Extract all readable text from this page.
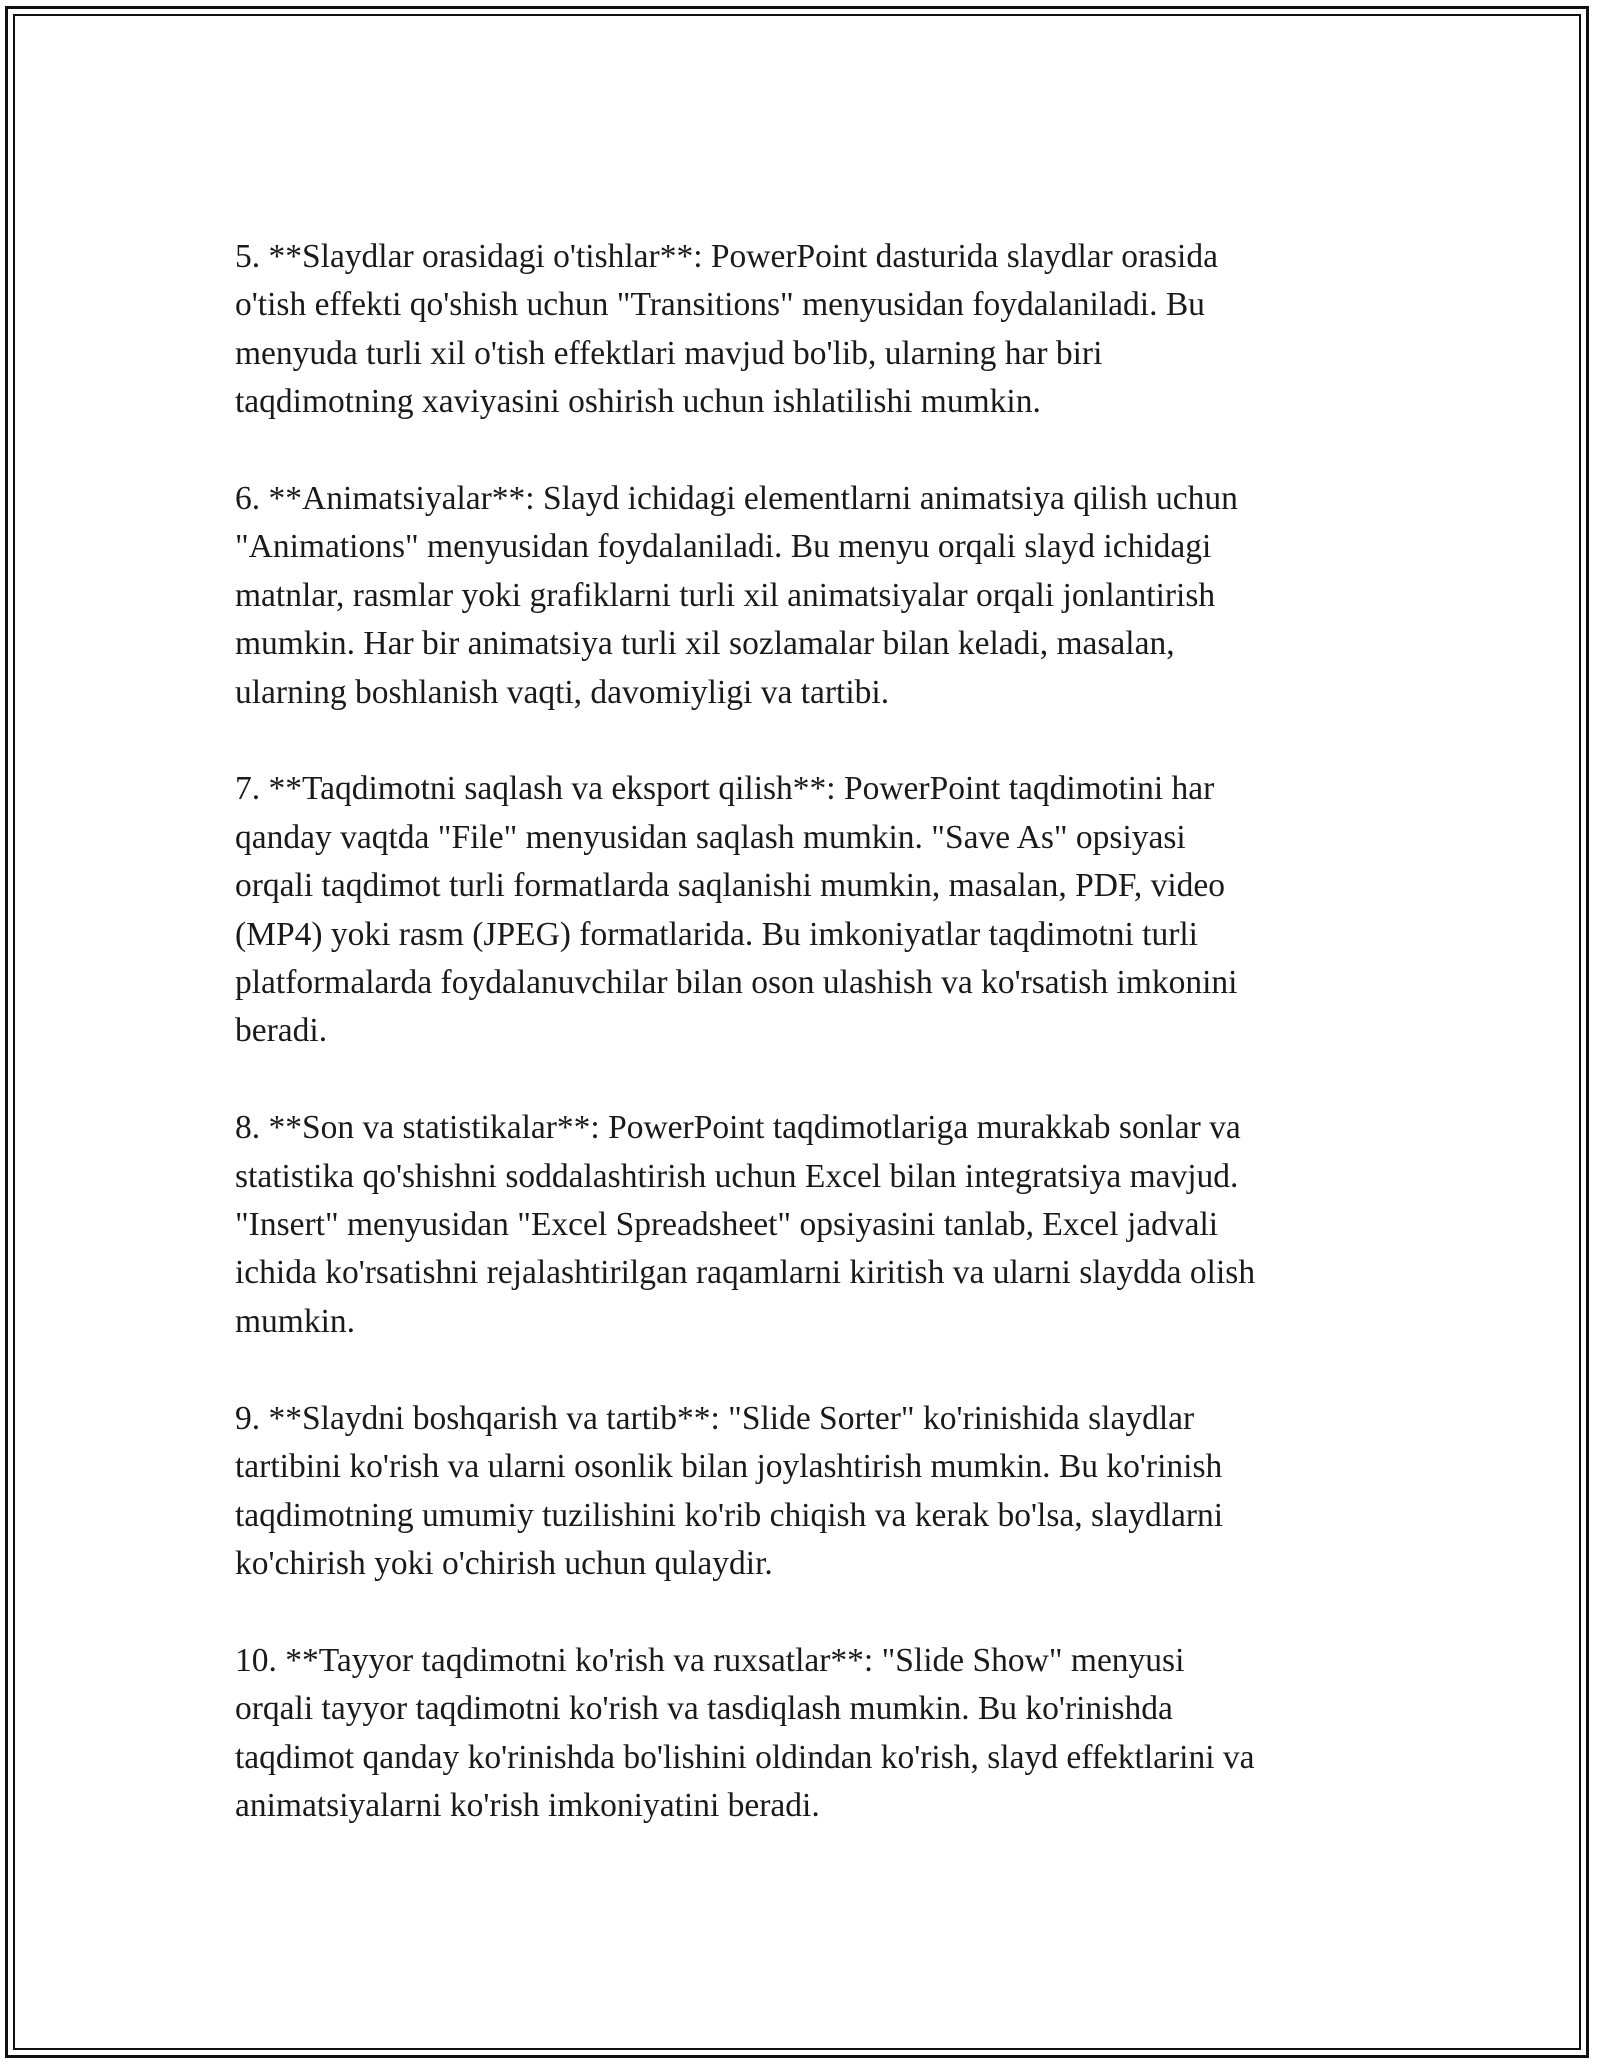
5. **Slaydlar orasidagi o'tishlar**: PowerPoint dasturida slaydlar orasida
o'tish effekti qo'shish uchun "Transitions" menyusidan foydalaniladi. Bu
menyuda turli xil o'tish effektlari mavjud bo'lib, ularning har biri
taqdimotning xaviyasini oshirish uchun ishlatilishi mumkin.

6. **Animatsiyalar**: Slayd ichidagi elementlarni animatsiya qilish uchun
"Animations" menyusidan foydalaniladi. Bu menyu orqali slayd ichidagi
matnlar, rasmlar yoki grafiklarni turli xil animatsiyalar orqali jonlantirish
mumkin. Har bir animatsiya turli xil sozlamalar bilan keladi, masalan,
ularning boshlanish vaqti, davomiyligi va tartibi.

7. **Taqdimotni saqlash va eksport qilish**: PowerPoint taqdimotini har
qanday vaqtda "File" menyusidan saqlash mumkin. "Save As" opsiyasi
orqali taqdimot turli formatlarda saqlanishi mumkin, masalan, PDF, video
(MP4) yoki rasm (JPEG) formatlarida. Bu imkoniyatlar taqdimotni turli
platformalarda foydalanuvchilar bilan oson ulashish va ko'rsatish imkonini
beradi.

8. **Son va statistikalar**: PowerPoint taqdimotlariga murakkab sonlar va
statistika qo'shishni soddalashtirish uchun Excel bilan integratsiya mavjud.
"Insert" menyusidan "Excel Spreadsheet" opsiyasini tanlab, Excel jadvali
ichida ko'rsatishni rejalashtirilgan raqamlarni kiritish va ularni slaydda olish
mumkin.

9. **Slaydni boshqarish va tartib**: "Slide Sorter" ko'rinishida slaydlar
tartibini ko'rish va ularni osonlik bilan joylashtirish mumkin. Bu ko'rinish
taqdimotning umumiy tuzilishini ko'rib chiqish va kerak bo'lsa, slaydlarni
ko'chirish yoki o'chirish uchun qulaydir.

10. **Tayyor taqdimotni ko'rish va ruxsatlar**: "Slide Show" menyusi
orqali tayyor taqdimotni ko'rish va tasdiqlash mumkin. Bu ko'rinishda
taqdimot qanday ko'rinishda bo'lishini oldindan ko'rish, slayd effektlarini va
animatsiyalarni ko'rish imkoniyatini beradi.
